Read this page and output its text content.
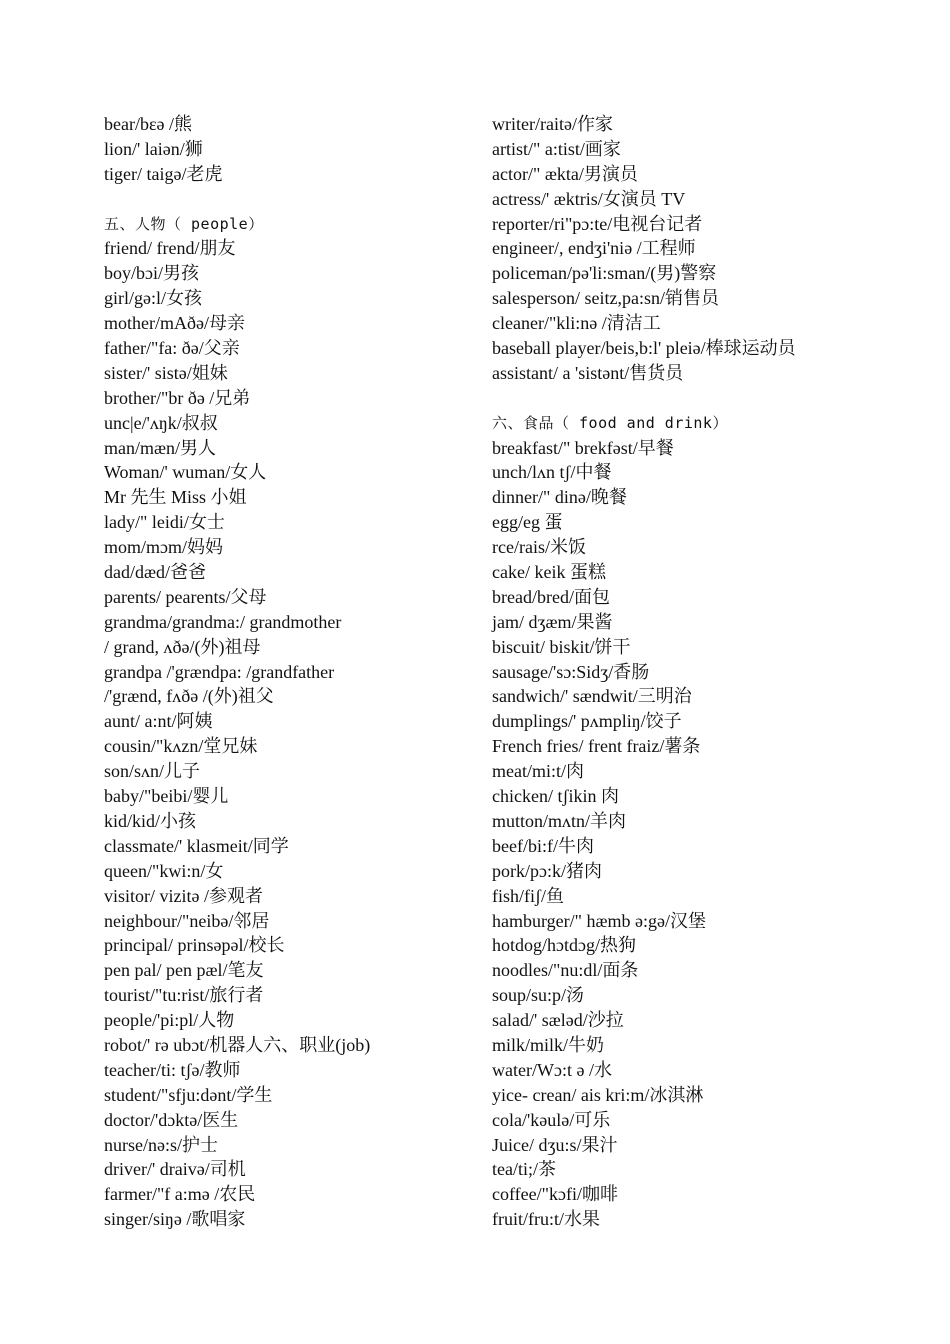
bear/bɛə /熊
lion/' laiən/狮
tiger/ taigə/老虎
五、人物（ people）
friend/ frend/朋友
boy/bɔi/男孩
girl/gə:l/女孩
mother/mAðə/母亲
father/"fa: ðə/父亲
sister/' sistə/姐妹
brother/"br ðə /兄弟
unc|e/'ʌŋk/叔叔
man/mæn/男人
Woman/' wuman/女人
Mr 先生 Miss 小姐
lady/" leidi/女士
mom/mɔm/妈妈
dad/dæd/爸爸
parents/ pearents/父母
grandma/grandma:/ grandmother
/ grand, ʌðə/(外)祖母
grandpa /'grændpa: /grandfather
/'grænd, fʌðə /(外)祖父
aunt/ a:nt/阿姨
cousin/"kʌzn/堂兄妹
son/sʌn/儿子
baby/"beibi/婴儿
kid/kid/小孩
classmate/' klasmeit/同学
queen/"kwi:n/女
visitor/ vizitə /参观者
neighbour/"neibə/邻居
principal/ prinsəpəl/校长
pen pal/ pen pæl/笔友
tourist/"tu:rist/旅行者
people/'pi:pl/人物
robot/' rə ubɔt/机器人六、职业(job)
teacher/ti: tʃə/教师
student/"sfju:dənt/学生
doctor/'dɔktə/医生
nurse/nə:s/护士
driver/' draivə/司机
farmer/"f a:mə /农民
singer/siŋə /歌唱家
writer/raitə/作家
artist/" a:tist/画家
actor/" ækta/男演员
actress/' æktris/女演员 TV
reporter/ri"pɔ:te/电视台记者
engineer/, endʒi'niə /工程师
policeman/pə'li:sman/(男)警察
salesperson/ seitz,pa:sn/销售员
cleaner/"kli:nə /清洁工
baseball player/beis,b:l' pleiə/棒球运动员
assistant/ a 'sistənt/售货员
六、食品（ food and drink）
breakfast/" brekfəst/早餐
unch/lʌn tʃ/中餐
dinner/" dinə/晚餐
egg/eg 蛋
rce/rais/米饭
cake/ keik 蛋糕
bread/bred/面包
jam/ dʒæm/果酱
biscuit/ biskit/饼干
sausage/'sɔ:Sidʒ/香肠
sandwich/' sændwit/三明治
dumplings/' pʌmpliŋ/饺子
French fries/ frent fraiz/薯条
meat/mi:t/肉
chicken/ tʃikin 肉
mutton/mʌtn/羊肉
beef/bi:f/牛肉
pork/pɔ:k/猪肉
fish/fiʃ/鱼
hamburger/" hæmb ə:gə/汉堡
hotdog/hɔtdɔg/热狗
noodles/"nu:dl/面条
soup/su:p/汤
salad/' sæləd/沙拉
milk/milk/牛奶
water/Wɔ:t ə /水
yice- crean/ ais kri:m/冰淇淋
cola/'kəulə/可乐
Juice/ dʒu:s/果汁
tea/ti;/茶
coffee/"kɔfi/咖啡
fruit/fru:t/水果
